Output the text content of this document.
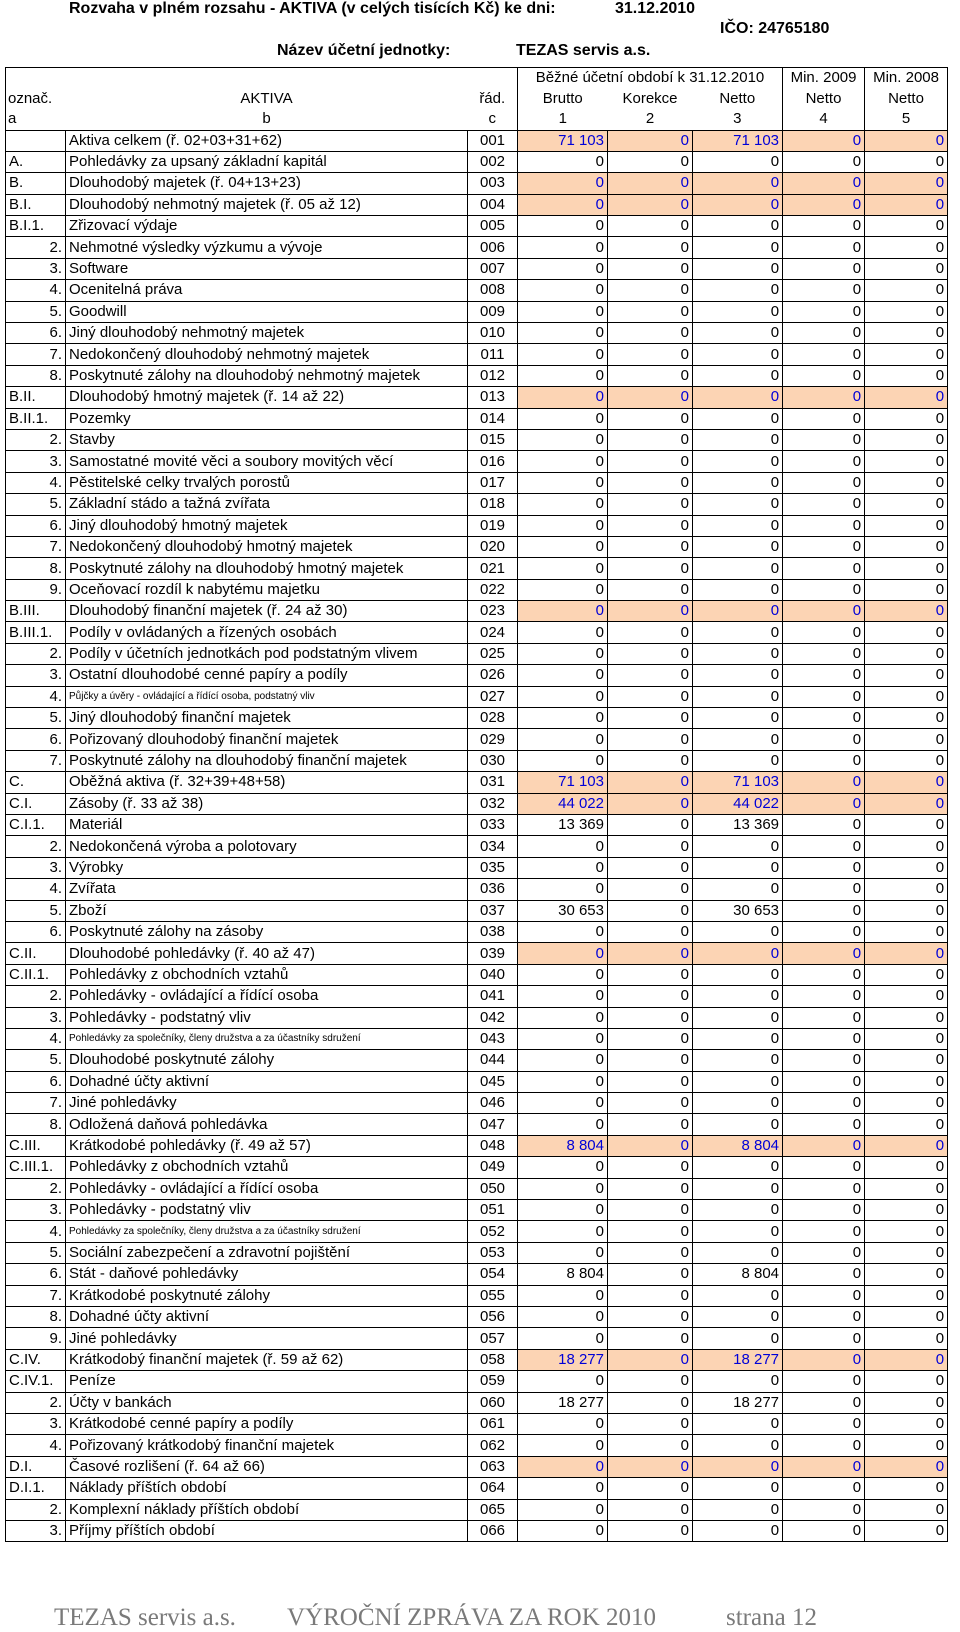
Rozvaha v plném rozsahu - AKTIVA (v celých tisících Kč) ke dni:	31.12.2010
IČO: 24765180
Název účetní jednotky:	TEZAS servis a.s.
			Běžné účetní období k 31.12.2010			Min. 2009	Min. 2008
označ.	AKTIVA	řád.	Brutto	Korekce	Netto	Netto	Netto
a	b	c	1	2	3	4	5
	Aktiva celkem (ř. 02+03+31+62)	001	71 103	0	71 103	0	0
A.	Pohledávky za upsaný základní kapitál	002	0	0	0	0	0
B.	Dlouhodobý majetek (ř. 04+13+23)	003	0	0	0	0	0
B.I.	Dlouhodobý nehmotný majetek (ř. 05 až 12)	004	0	0	0	0	0
B.I.1.	Zřizovací výdaje	005	0	0	0	0	0
2.	Nehmotné výsledky výzkumu a vývoje	006	0	0	0	0	0
3.	Software	007	0	0	0	0	0
4.	Ocenitelná práva	008	0	0	0	0	0
5.	Goodwill	009	0	0	0	0	0
6.	Jiný dlouhodobý nehmotný majetek	010	0	0	0	0	0
7.	Nedokončený dlouhodobý nehmotný majetek	011	0	0	0	0	0
8.	Poskytnuté zálohy na dlouhodobý nehmotný majetek	012	0	0	0	0	0
B.II.	Dlouhodobý hmotný majetek (ř. 14 až 22)	013	0	0	0	0	0
B.II.1.	Pozemky	014	0	0	0	0	0
2.	Stavby	015	0	0	0	0	0
3.	Samostatné movité věci a soubory movitých věcí	016	0	0	0	0	0
4.	Pěstitelské celky trvalých porostů	017	0	0	0	0	0
5.	Základní stádo a tažná zvířata	018	0	0	0	0	0
6.	Jiný dlouhodobý hmotný majetek	019	0	0	0	0	0
7.	Nedokončený dlouhodobý hmotný majetek	020	0	0	0	0	0
8.	Poskytnuté zálohy na dlouhodobý hmotný majetek	021	0	0	0	0	0
9.	Oceňovací rozdíl k nabytému majetku	022	0	0	0	0	0
B.III.	Dlouhodobý finanční majetek (ř. 24 až 30)	023	0	0	0	0	0
B.III.1.	Podíly v ovládaných a řízených osobách	024	0	0	0	0	0
2.	Podíly v účetních jednotkách pod podstatným vlivem	025	0	0	0	0	0
3.	Ostatní dlouhodobé cenné papíry a podíly	026	0	0	0	0	0
4.	Půjčky a úvěry - ovládající a řídící osoba, podstatný vliv	027	0	0	0	0	0
5.	Jiný dlouhodobý finanční majetek	028	0	0	0	0	0
6.	Pořizovaný dlouhodobý finanční majetek	029	0	0	0	0	0
7.	Poskytnuté zálohy na dlouhodobý finanční majetek	030	0	0	0	0	0
C.	Oběžná aktiva (ř. 32+39+48+58)	031	71 103	0	71 103	0	0
C.I.	Zásoby (ř. 33 až 38)	032	44 022	0	44 022	0	0
C.I.1.	Materiál	033	13 369	0	13 369	0	0
2.	Nedokončená výroba a polotovary	034	0	0	0	0	0
3.	Výrobky	035	0	0	0	0	0
4.	Zvířata	036	0	0	0	0	0
5.	Zboží	037	30 653	0	30 653	0	0
6.	Poskytnuté zálohy na zásoby	038	0	0	0	0	0
C.II.	Dlouhodobé pohledávky (ř. 40 až 47)	039	0	0	0	0	0
C.II.1.	Pohledávky z obchodních vztahů	040	0	0	0	0	0
2.	Pohledávky - ovládající a řídící osoba	041	0	0	0	0	0
3.	Pohledávky - podstatný vliv	042	0	0	0	0	0
4.	Pohledávky za společníky, členy družstva a za účastníky sdružení	043	0	0	0	0	0
5.	Dlouhodobé poskytnuté zálohy	044	0	0	0	0	0
6.	Dohadné účty aktivní	045	0	0	0	0	0
7.	Jiné pohledávky	046	0	0	0	0	0
8.	Odložená daňová pohledávka	047	0	0	0	0	0
C.III.	Krátkodobé pohledávky (ř. 49 až 57)	048	8 804	0	8 804	0	0
C.III.1.	Pohledávky z obchodních vztahů	049	0	0	0	0	0
2.	Pohledávky - ovládající a řídící osoba	050	0	0	0	0	0
3.	Pohledávky - podstatný vliv	051	0	0	0	0	0
4.	Pohledávky za společníky, členy družstva a za účastníky sdružení	052	0	0	0	0	0
5.	Sociální zabezpečení a zdravotní pojištění	053	0	0	0	0	0
6.	Stát - daňové pohledávky	054	8 804	0	8 804	0	0
7.	Krátkodobé poskytnuté zálohy	055	0	0	0	0	0
8.	Dohadné účty aktivní	056	0	0	0	0	0
9.	Jiné pohledávky	057	0	0	0	0	0
C.IV.	Krátkodobý finanční majetek (ř. 59 až 62)	058	18 277	0	18 277	0	0
C.IV.1.	Peníze	059	0	0	0	0	0
2.	Účty v bankách	060	18 277	0	18 277	0	0
3.	Krátkodobé cenné papíry a podíly	061	0	0	0	0	0
4.	Pořizovaný krátkodobý finanční majetek	062	0	0	0	0	0
D.I.	Časové rozlišení (ř. 64 až 66)	063	0	0	0	0	0
D.I.1.	Náklady příštích období	064	0	0	0	0	0
2.	Komplexní náklady příštích období	065	0	0	0	0	0
3.	Příjmy příštích období	066	0	0	0	0	0
TEZAS servis a.s. VÝROČNÍ ZPRÁVA ZA ROK 2010	strana 12
